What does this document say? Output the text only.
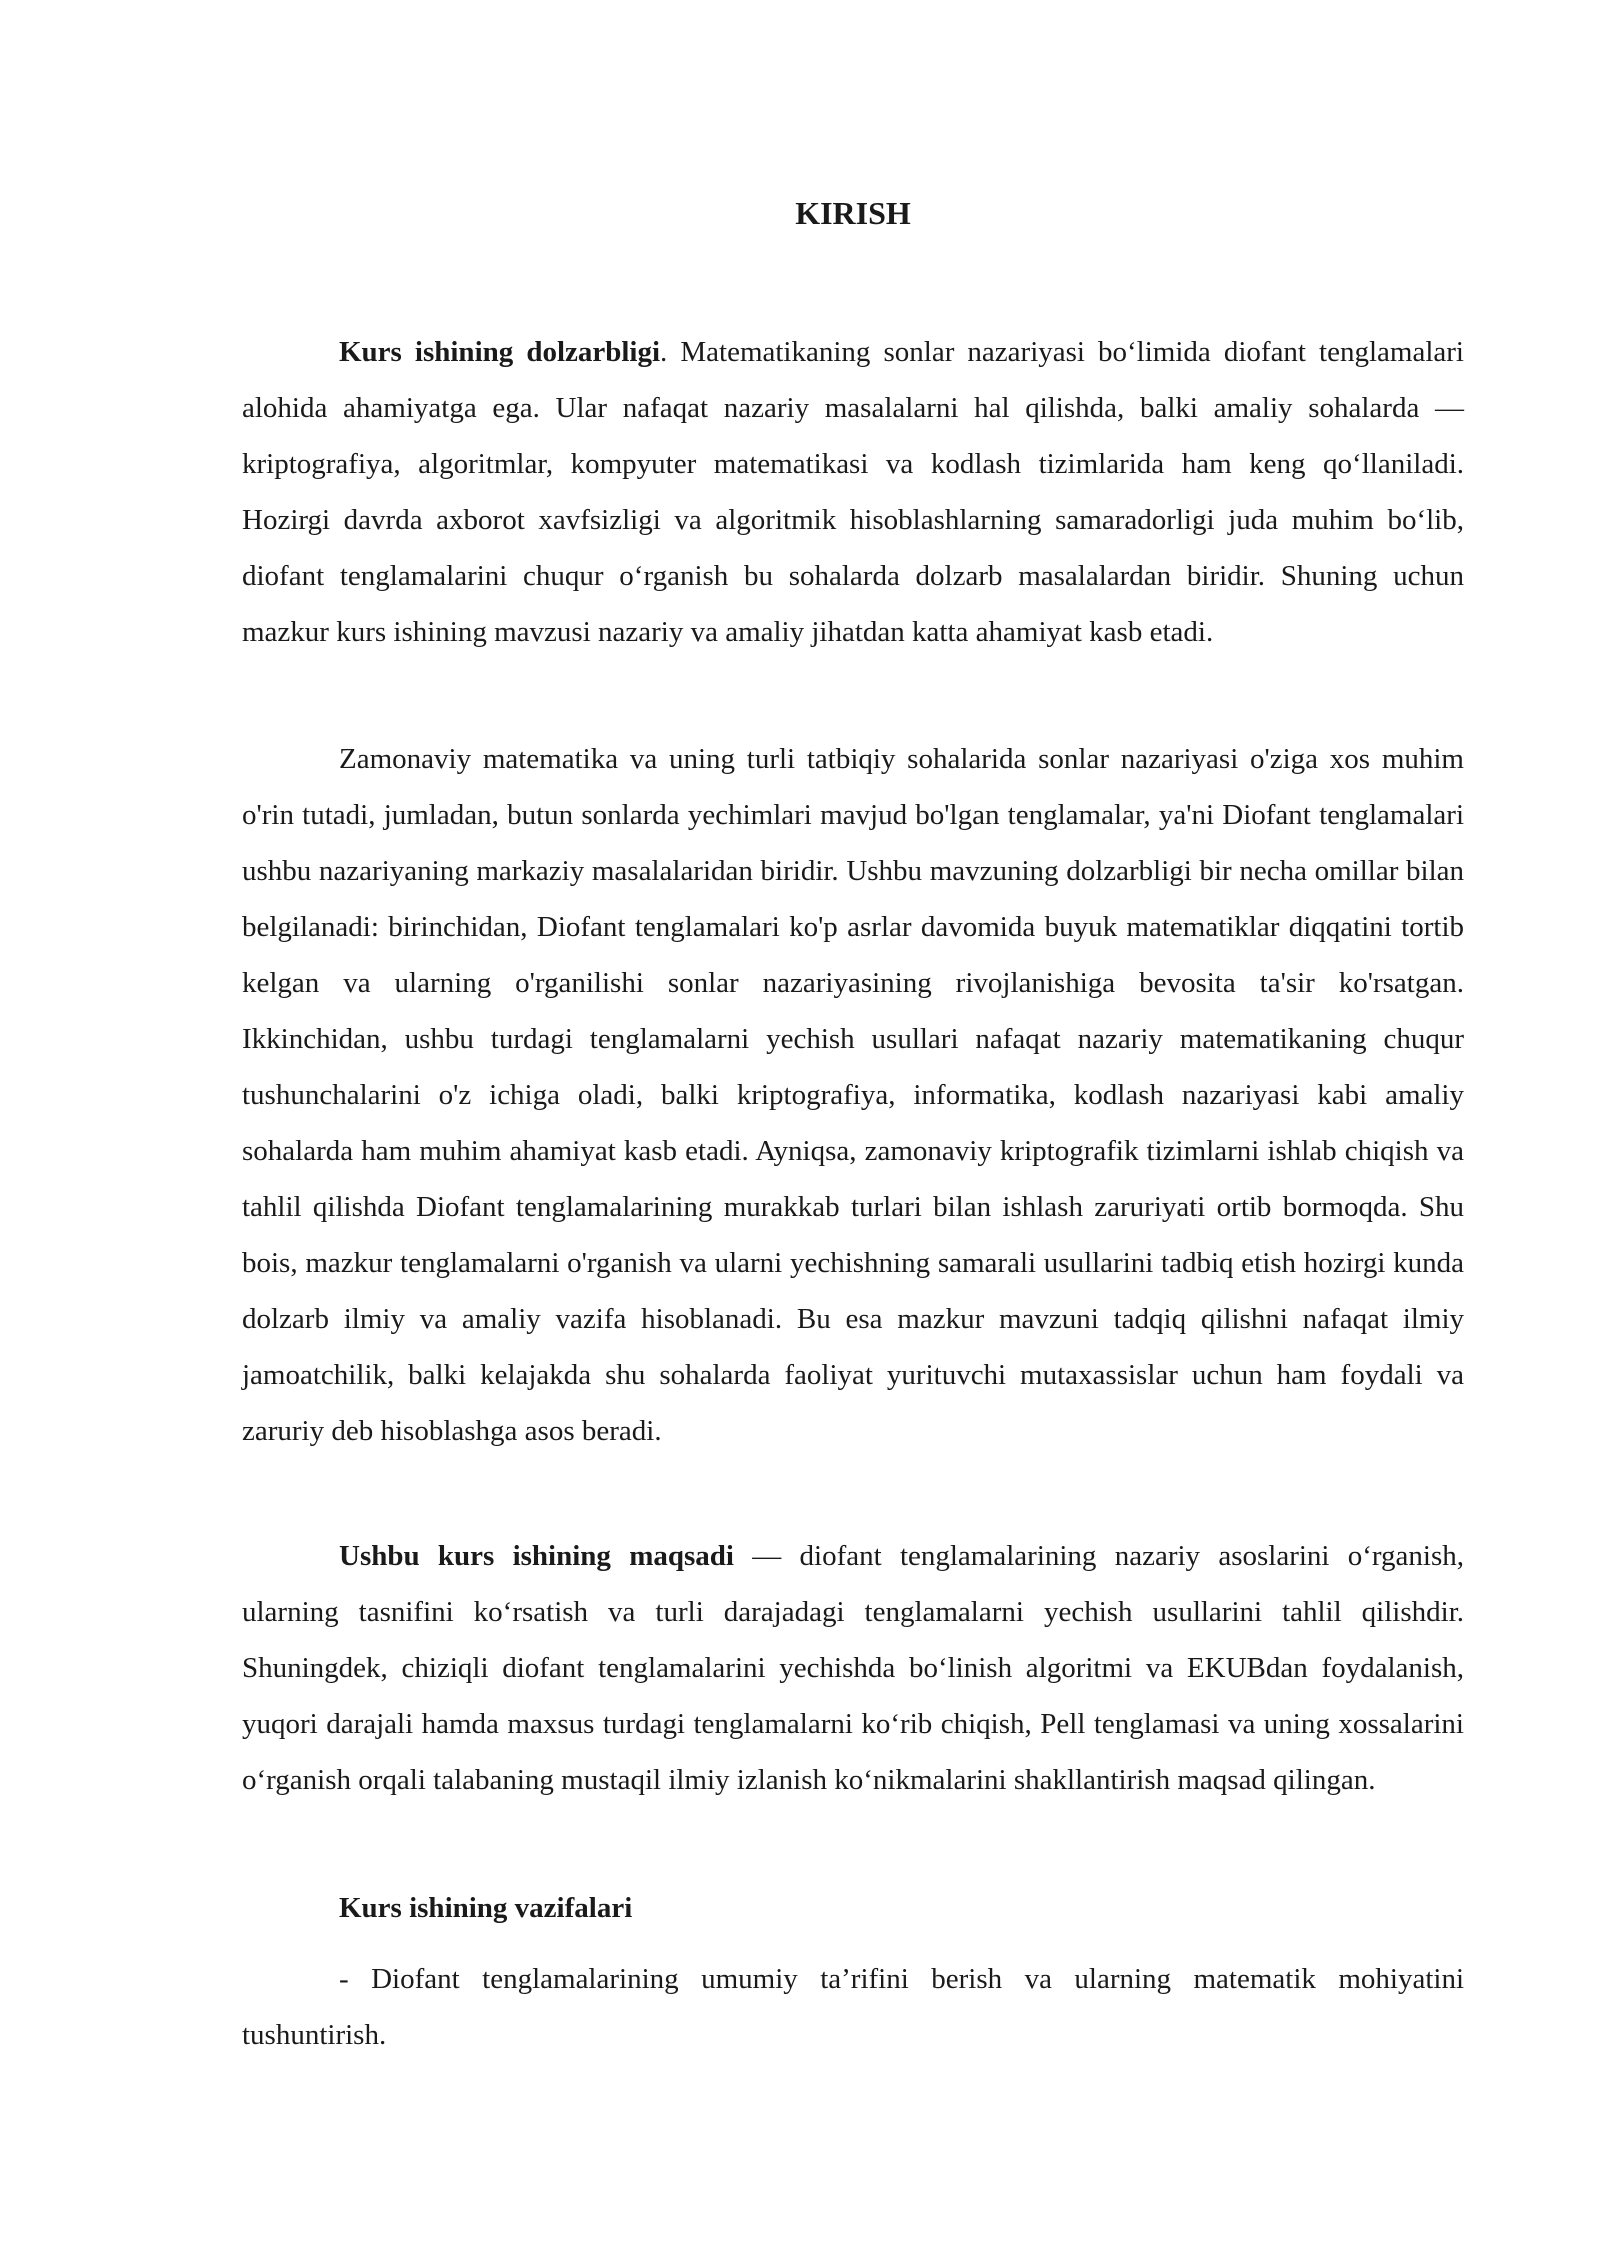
KIRISH

Kurs ishining dolzarbligi. Matematikaning sonlar nazariyasi bo‘limida diofant tenglamalari alohida ahamiyatga ega. Ular nafaqat nazariy masalalarni hal qilishda, balki amaliy sohalarda — kriptografiya, algoritmlar, kompyuter matematikasi va kodlash tizimlarida ham keng qo‘llaniladi. Hozirgi davrda axborot xavfsizligi va algoritmik hisoblashlarning samaradorligi juda muhim bo‘lib, diofant tenglamalarini chuqur o‘rganish bu sohalarda dolzarb masalalardan biridir. Shuning uchun mazkur kurs ishining mavzusi nazariy va amaliy jihatdan katta ahamiyat kasb etadi.

Zamonaviy matematika va uning turli tatbiqiy sohalarida sonlar nazariyasi o'ziga xos muhim o'rin tutadi, jumladan, butun sonlarda yechimlari mavjud bo'lgan tenglamalar, ya'ni Diofant tenglamalari ushbu nazariyaning markaziy masalalaridan biridir. Ushbu mavzuning dolzarbligi bir necha omillar bilan belgilanadi: birinchidan, Diofant tenglamalari ko'p asrlar davomida buyuk matematiklar diqqatini tortib kelgan va ularning o'rganilishi sonlar nazariyasining rivojlanishiga bevosita ta'sir ko'rsatgan. Ikkinchidan, ushbu turdagi tenglamalarni yechish usullari nafaqat nazariy matematikaning chuqur tushunchalarini o'z ichiga oladi, balki kriptografiya, informatika, kodlash nazariyasi kabi amaliy sohalarda ham muhim ahamiyat kasb etadi. Ayniqsa, zamonaviy kriptografik tizimlarni ishlab chiqish va tahlil qilishda Diofant tenglamalarining murakkab turlari bilan ishlash zaruriyati ortib bormoqda. Shu bois, mazkur tenglamalarni o'rganish va ularni yechishning samarali usullarini tadbiq etish hozirgi kunda dolzarb ilmiy va amaliy vazifa hisoblanadi. Bu esa mazkur mavzuni tadqiq qilishni nafaqat ilmiy jamoatchilik, balki kelajakda shu sohalarda faoliyat yurituvchi mutaxassislar uchun ham foydali va zaruriy deb hisoblashga asos beradi.

Ushbu kurs ishining maqsadi — diofant tenglamalarining nazariy asoslarini o‘rganish, ularning tasnifini ko‘rsatish va turli darajadagi tenglamalarni yechish usullarini tahlil qilishdir. Shuningdek, chiziqli diofant tenglamalarini yechishda bo‘linish algoritmi va EKUBdan foydalanish, yuqori darajali hamda maxsus turdagi tenglamalarni ko‘rib chiqish, Pell tenglamasi va uning xossalarini o‘rganish orqali talabaning mustaqil ilmiy izlanish ko‘nikmalarini shakllantirish maqsad qilingan.

Kurs ishining vazifalari

- Diofant tenglamalarining umumiy ta’rifini berish va ularning matematik mohiyatini tushuntirish.
